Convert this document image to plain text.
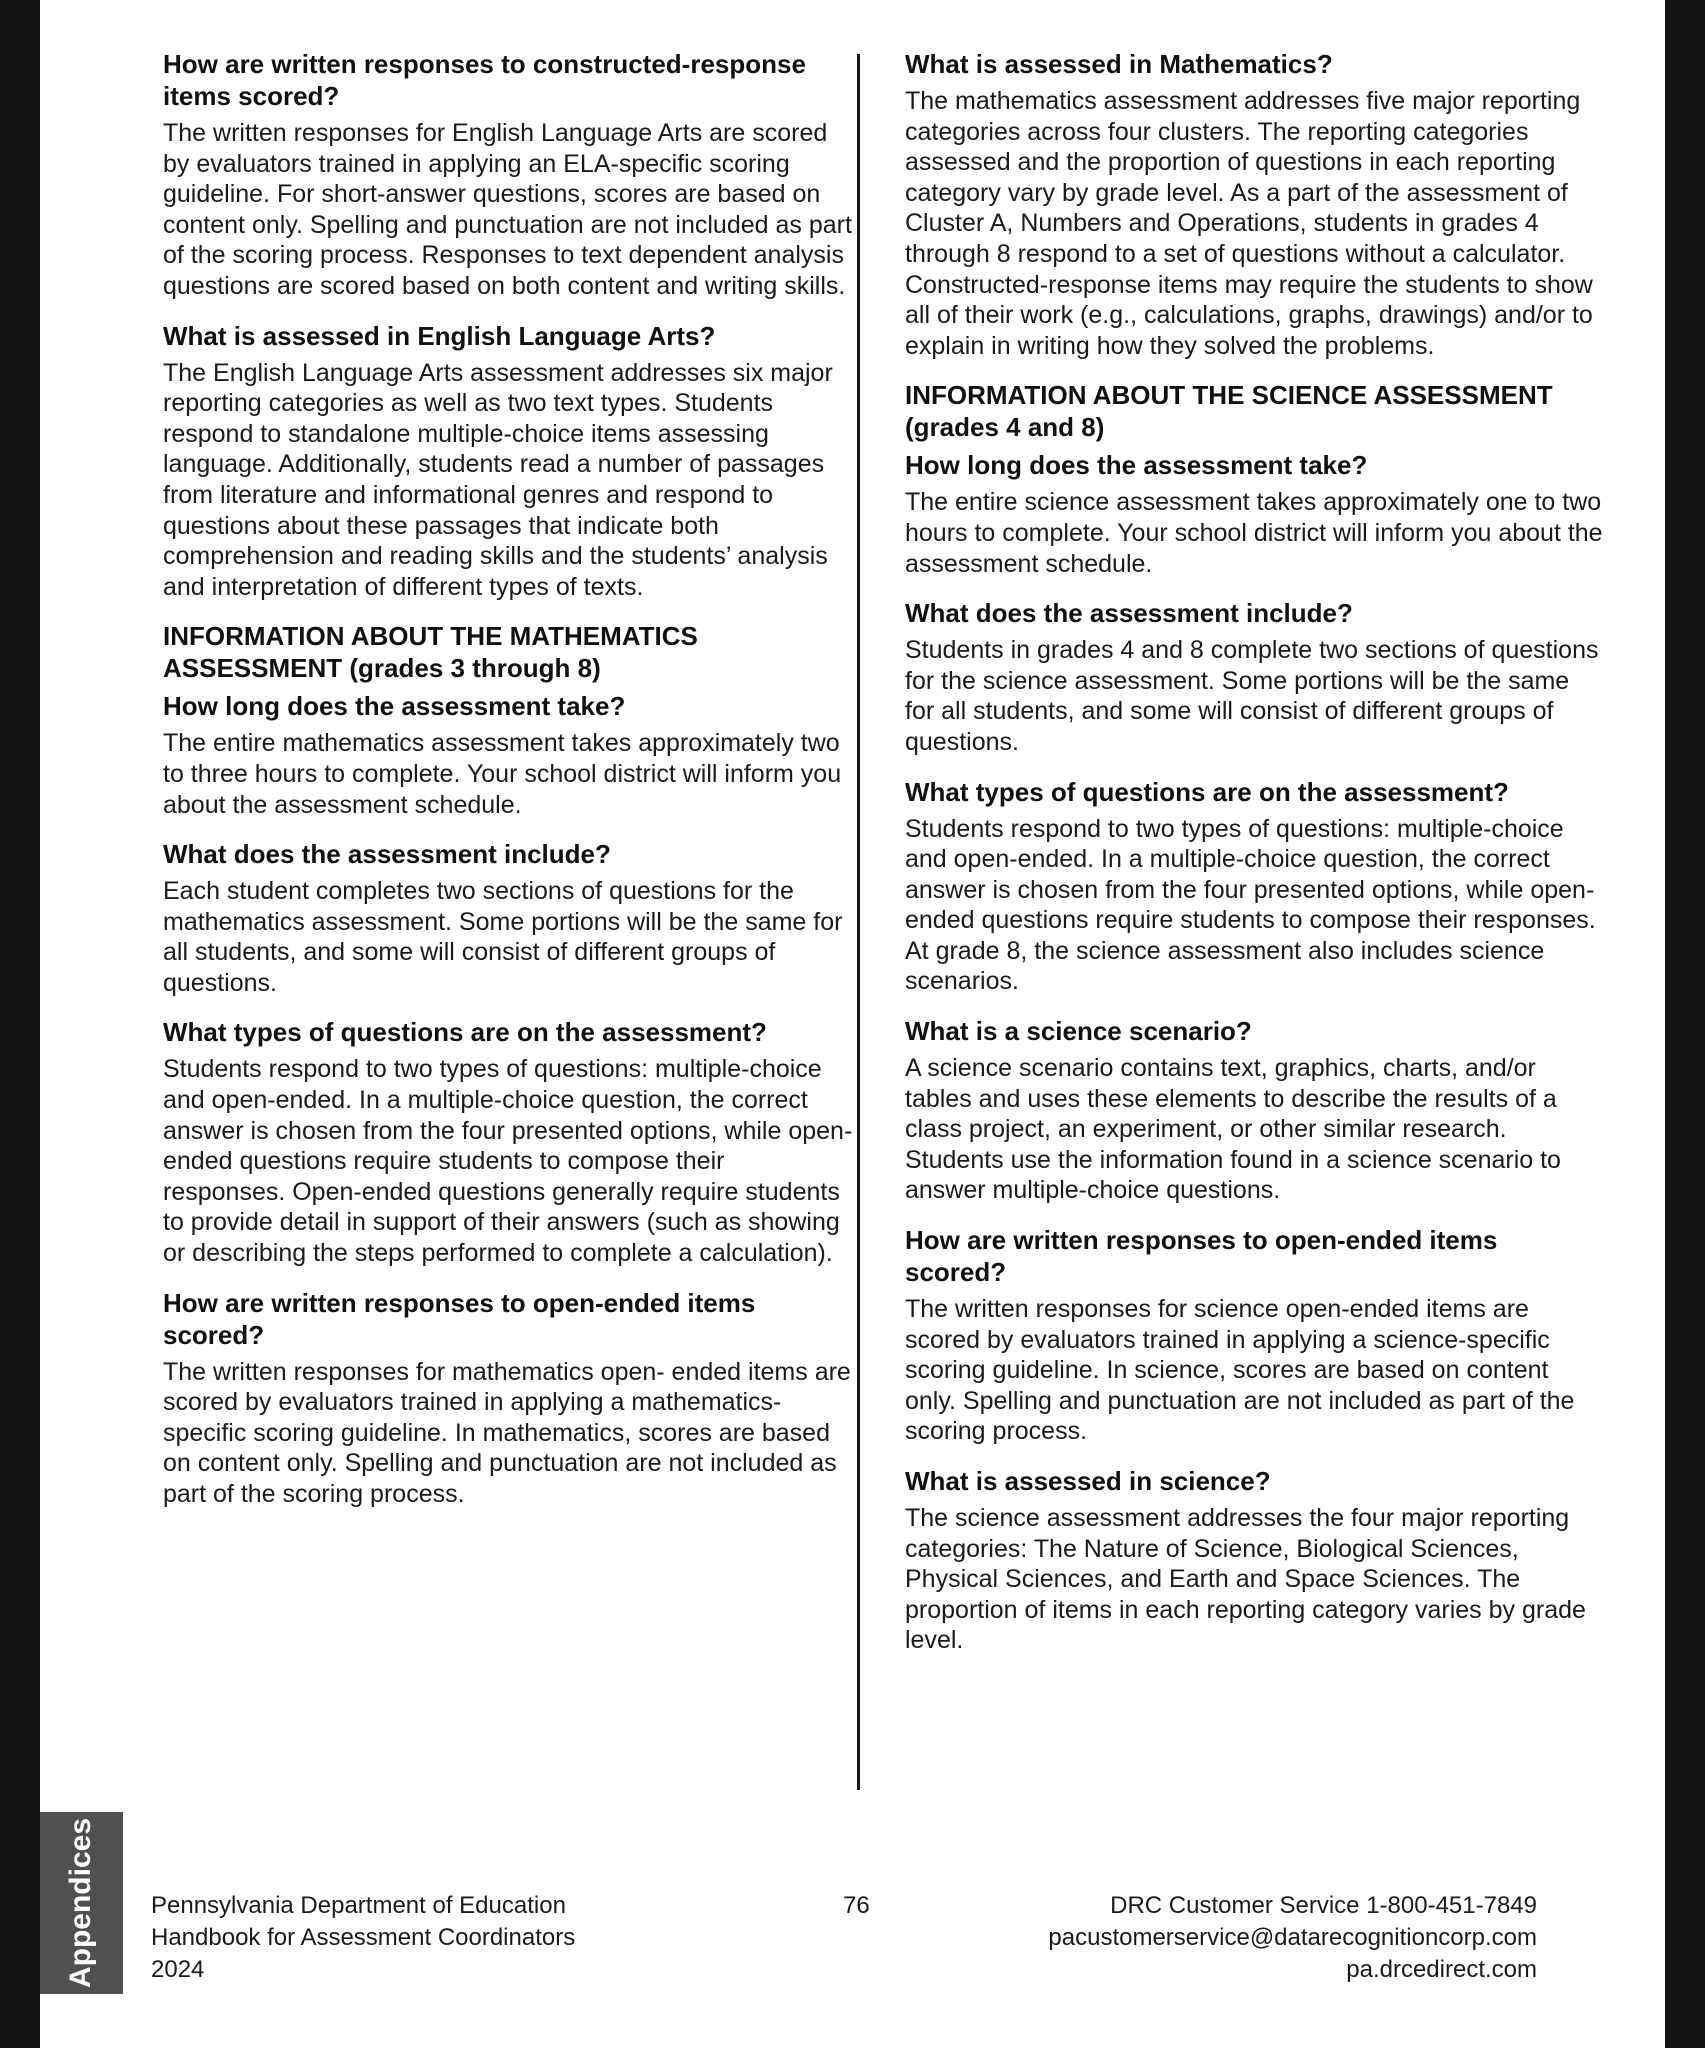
How are written responses to constructed-response items scored?
The written responses for English Language Arts are scored by evaluators trained in applying an ELA-specific scoring guideline. For short-answer questions, scores are based on content only. Spelling and punctuation are not included as part of the scoring process. Responses to text dependent analysis questions are scored based on both content and writing skills.
What is assessed in English Language Arts?
The English Language Arts assessment addresses six major reporting categories as well as two text types. Students respond to standalone multiple-choice items assessing language. Additionally, students read a number of passages from literature and informational genres and respond to questions about these passages that indicate both comprehension and reading skills and the students’ analysis and interpretation of different types of texts.
INFORMATION ABOUT THE MATHEMATICS ASSESSMENT (grades 3 through 8)
How long does the assessment take?
The entire mathematics assessment takes approximately two to three hours to complete. Your school district will inform you about the assessment schedule.
What does the assessment include?
Each student completes two sections of questions for the mathematics assessment. Some portions will be the same for all students, and some will consist of different groups of questions.
What types of questions are on the assessment?
Students respond to two types of questions: multiple-choice and open-ended. In a multiple-choice question, the correct answer is chosen from the four presented options, while open-ended questions require students to compose their responses. Open-ended questions generally require students to provide detail in support of their answers (such as showing or describing the steps performed to complete a calculation).
How are written responses to open-ended items scored?
The written responses for mathematics open- ended items are scored by evaluators trained in applying a mathematics-specific scoring guideline. In mathematics, scores are based on content only. Spelling and punctuation are not included as part of the scoring process.
What is assessed in Mathematics?
The mathematics assessment addresses five major reporting categories across four clusters. The reporting categories assessed and the proportion of questions in each reporting category vary by grade level. As a part of the assessment of Cluster A, Numbers and Operations, students in grades 4 through 8 respond to a set of questions without a calculator. Constructed-response items may require the students to show all of their work (e.g., calculations, graphs, drawings) and/or to explain in writing how they solved the problems.
INFORMATION ABOUT THE SCIENCE ASSESSMENT (grades 4 and 8)
How long does the assessment take?
The entire science assessment takes approximately one to two hours to complete. Your school district will inform you about the assessment schedule.
What does the assessment include?
Students in grades 4 and 8 complete two sections of questions for the science assessment. Some portions will be the same for all students, and some will consist of different groups of questions.
What types of questions are on the assessment?
Students respond to two types of questions: multiple-choice and open-ended. In a multiple-choice question, the correct answer is chosen from the four presented options, while open-ended questions require students to compose their responses. At grade 8, the science assessment also includes science scenarios.
What is a science scenario?
A science scenario contains text, graphics, charts, and/or tables and uses these elements to describe the results of a class project, an experiment, or other similar research. Students use the information found in a science scenario to answer multiple-choice questions.
How are written responses to open-ended items scored?
The written responses for science open-ended items are scored by evaluators trained in applying a science-specific scoring guideline. In science, scores are based on content only. Spelling and punctuation are not included as part of the scoring process.
What is assessed in science?
The science assessment addresses the four major reporting categories: The Nature of Science, Biological Sciences, Physical Sciences, and Earth and Space Sciences. The proportion of items in each reporting category varies by grade level.
Appendices Pennsylvania Department of Education
Handbook for Assessment Coordinators
2024
76	DRC Customer Service 1-800-451-7849
pacustomerservice@datarecognitioncorp.com
pa.drcedirect.com
